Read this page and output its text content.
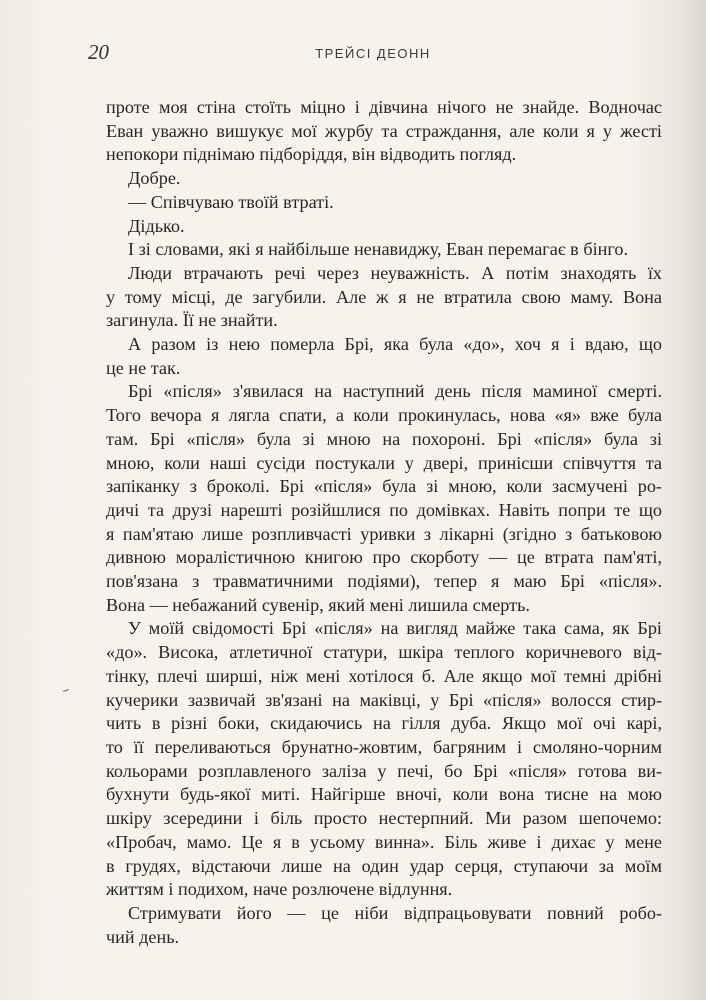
20	ТРЕЙСІ ДЕОНН
проте моя стіна стоїть міцно і дівчина нічого не знайде. Водночас
Еван уважно вишукує мої журбу та страждання, але коли я у жесті
непокори піднімаю підборіддя, він відводить погляд.
Добре.
— Співчуваю твоїй втраті.
Дідько.
І зі словами, які я найбільше ненавиджу, Еван перемагає в бінго.
Люди втрачають речі через неуважність. А потім знаходять їх
у тому місці, де загубили. Але ж я не втратила свою маму. Вона
загинула. Її не знайти.
А разом із нею померла Брі, яка була «до», хоч я і вдаю, що
це не так.
Брі «після» з'явилася на наступний день після маминої смерті.
Того вечора я лягла спати, а коли прокинулась, нова «я» вже була
там. Брі «після» була зі мною на похороні. Брі «після» була зі
мною, коли наші сусіди постукали у двері, принісши співчуття та
запіканку з броколі. Брі «після» була зі мною, коли засмучені ро-
дичі та друзі нарешті розійшлися по домівках. Навіть попри те що
я пам'ятаю лише розпливчасті уривки з лікарні (згідно з батьковою
дивною моралістичною книгою про скорботу — це втрата пам'яті,
пов'язана з травматичними подіями), тепер я маю Брі «після».
Вона — небажаний сувенір, який мені лишила смерть.
У моїй свідомості Брі «після» на вигляд майже така сама, як Брі
«до». Висока, атлетичної статури, шкіра теплого коричневого від-
тінку, плечі ширші, ніж мені хотілося б. Але якщо мої темні дрібні
кучерики зазвичай зв'язані на маківці, у Брі «після» волосся стир-
чить в різні боки, скидаючись на гілля дуба. Якщо мої очі карі,
то її переливаються брунатно-жовтим, багряним і смоляно-чорним
кольорами розплавленого заліза у печі, бо Брі «після» готова ви-
бухнути будь-якої миті. Найгірше вночі, коли вона тисне на мою
шкіру зсередини і біль просто нестерпний. Ми разом шепочемо:
«Пробач, мамо. Це я в усьому винна». Біль живе і дихає у мене
в грудях, відстаючи лише на один удар серця, ступаючи за моїм
життям і подихом, наче розлючене відлуння.
Стримувати його — це ніби відпрацьовувати повний робо-
чий день.
